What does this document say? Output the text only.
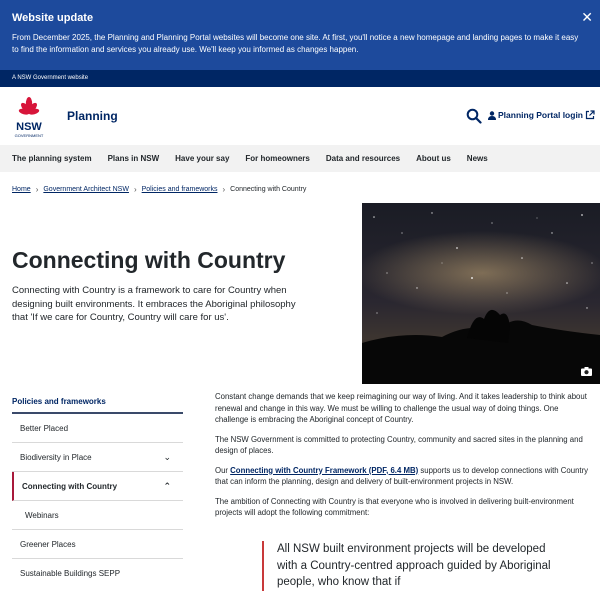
Website update

From December 2025, the Planning and Planning Portal websites will become one site. At first, you'll notice a new homepage and landing pages to make it easy to find the information and services you already use. We'll keep you informed as changes happen.

✕
A NSW Government website
NSW
GOVERNMENT
Planning	Planning Portal login
The planning system Plans in NSW Have your say For homeowners Data and resources About us News
Home › Government Architect NSW › Policies and frameworks › Connecting with Country
Connecting with Country

Connecting with Country is a framework to care for Country when designing built environments. It embraces the Aboriginal philosophy that 'If we care for Country, Country will care for us'.

Policies and frameworks
Better Placed
Biodiversity in Place	⌄
Connecting with Country	⌃
Webinars
Greener Places
Sustainable Buildings SEPP

Constant change demands that we keep reimagining our way of living. And it takes leadership to think about renewal and change in this way. We must be willing to challenge the usual way of doing things. One challenge is embracing the Aboriginal concept of Country.

The NSW Government is committed to protecting Country, community and sacred sites in the planning and design of places.

Our Connecting with Country Framework (PDF, 6.4 MB) supports us to develop connections with Country that can inform the planning, design and delivery of built-environment projects in NSW.

The ambition of Connecting with Country is that everyone who is involved in delivering built-environment projects will adopt the following commitment:

All NSW built environment projects will be developed with a Country-centred approach guided by Aboriginal people, who know that if
